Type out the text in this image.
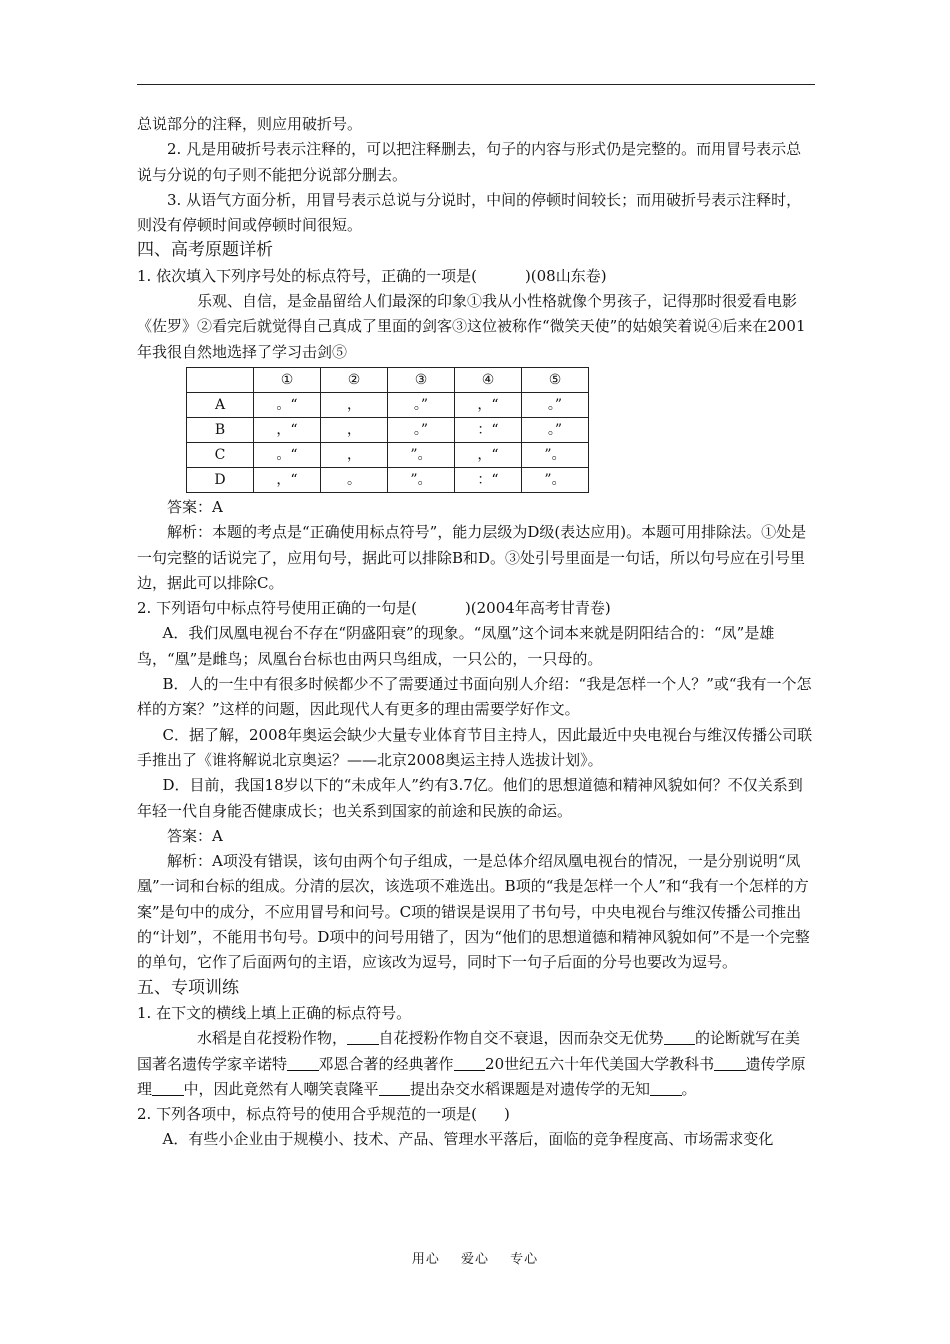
总说部分的注释，则应用破折号。

2. 凡是用破折号表示注释的，可以把注释删去，句子的内容与形式仍是完整的。而用冒号表示总说与分说的句子则不能把分说部分删去。

3. 从语气方面分析，用冒号表示总说与分说时，中间的停顿时间较长；而用破折号表示注释时，则没有停顿时间或停顿时间很短。

四、高考原题详析

1. 依次填入下列序号处的标点符号，正确的一项是(	)(08山东卷)

乐观、自信，是金晶留给人们最深的印象①我从小性格就像个男孩子，记得那时很爱看电影《佐罗》②看完后就觉得自己真成了里面的剑客③这位被称作“微笑天使”的姑娘笑着说④后来在2001年我很自然地选择了学习击剑⑤

	①	②	③	④	⑤
A	。“	，	。”	，“	。”
B	，“	，	。”	：“	。”
C	。“	，	”。	，“	”。
D	，“	。	”。	：“	”。

答案：A

解析：本题的考点是“正确使用标点符号”，能力层级为D级(表达应用)。本题可用排除法。①处是一句完整的话说完了，应用句号，据此可以排除B和D。③处引号里面是一句话，所以句号应在引号里边，据此可以排除C。

2. 下列语句中标点符号使用正确的一句是(	)(2004年高考甘青卷)

A．我们凤凰电视台不存在“阴盛阳衰”的现象。“凤凰”这个词本来就是阴阳结合的：“凤”是雄鸟，“凰”是雌鸟；凤凰台台标也由两只鸟组成，一只公的，一只母的。

B．人的一生中有很多时候都少不了需要通过书面向别人介绍：“我是怎样一个人？”或“我有一个怎样的方案？”这样的问题，因此现代人有更多的理由需要学好作文。

C．据了解，2008年奥运会缺少大量专业体育节目主持人，因此最近中央电视台与维汉传播公司联手推出了《谁将解说北京奥运？——北京2008奥运主持人选拔计划》。

D．目前，我国18岁以下的“未成年人”约有3.7亿。他们的思想道德和精神风貌如何？不仅关系到年轻一代自身能否健康成长；也关系到国家的前途和民族的命运。

答案：A

解析：A项没有错误，该句由两个句子组成，一是总体介绍凤凰电视台的情况，一是分别说明“凤凰”一词和台标的组成。分清的层次，该选项不难选出。B项的“我是怎样一个人”和“我有一个怎样的方案”是句中的成分，不应用冒号和问号。C项的错误是误用了书句号，中央电视台与维汉传播公司推出的“计划”，不能用书句号。D项中的问号用错了，因为“他们的思想道德和精神风貌如何”不是一个完整的单句，它作了后面两句的主语，应该改为逗号，同时下一句子后面的分号也要改为逗号。

五、专项训练

1. 在下文的横线上填上正确的标点符号。

水稻是自花授粉作物， 自花授粉作物自交不衰退，因而杂交无优势 的论断就写在美国著名遗传学家辛诺特 邓恩合著的经典著作 20世纪五六十年代美国大学教科书 遗传学原理 中，因此竟然有人嘲笑袁隆平 提出杂交水稻课题是对遗传学的无知 。

2. 下列各项中，标点符号的使用合乎规范的一项是( )

A．有些小企业由于规模小、技术、产品、管理水平落后，面临的竞争程度高、市场需求变化

用心 爱心 专心
